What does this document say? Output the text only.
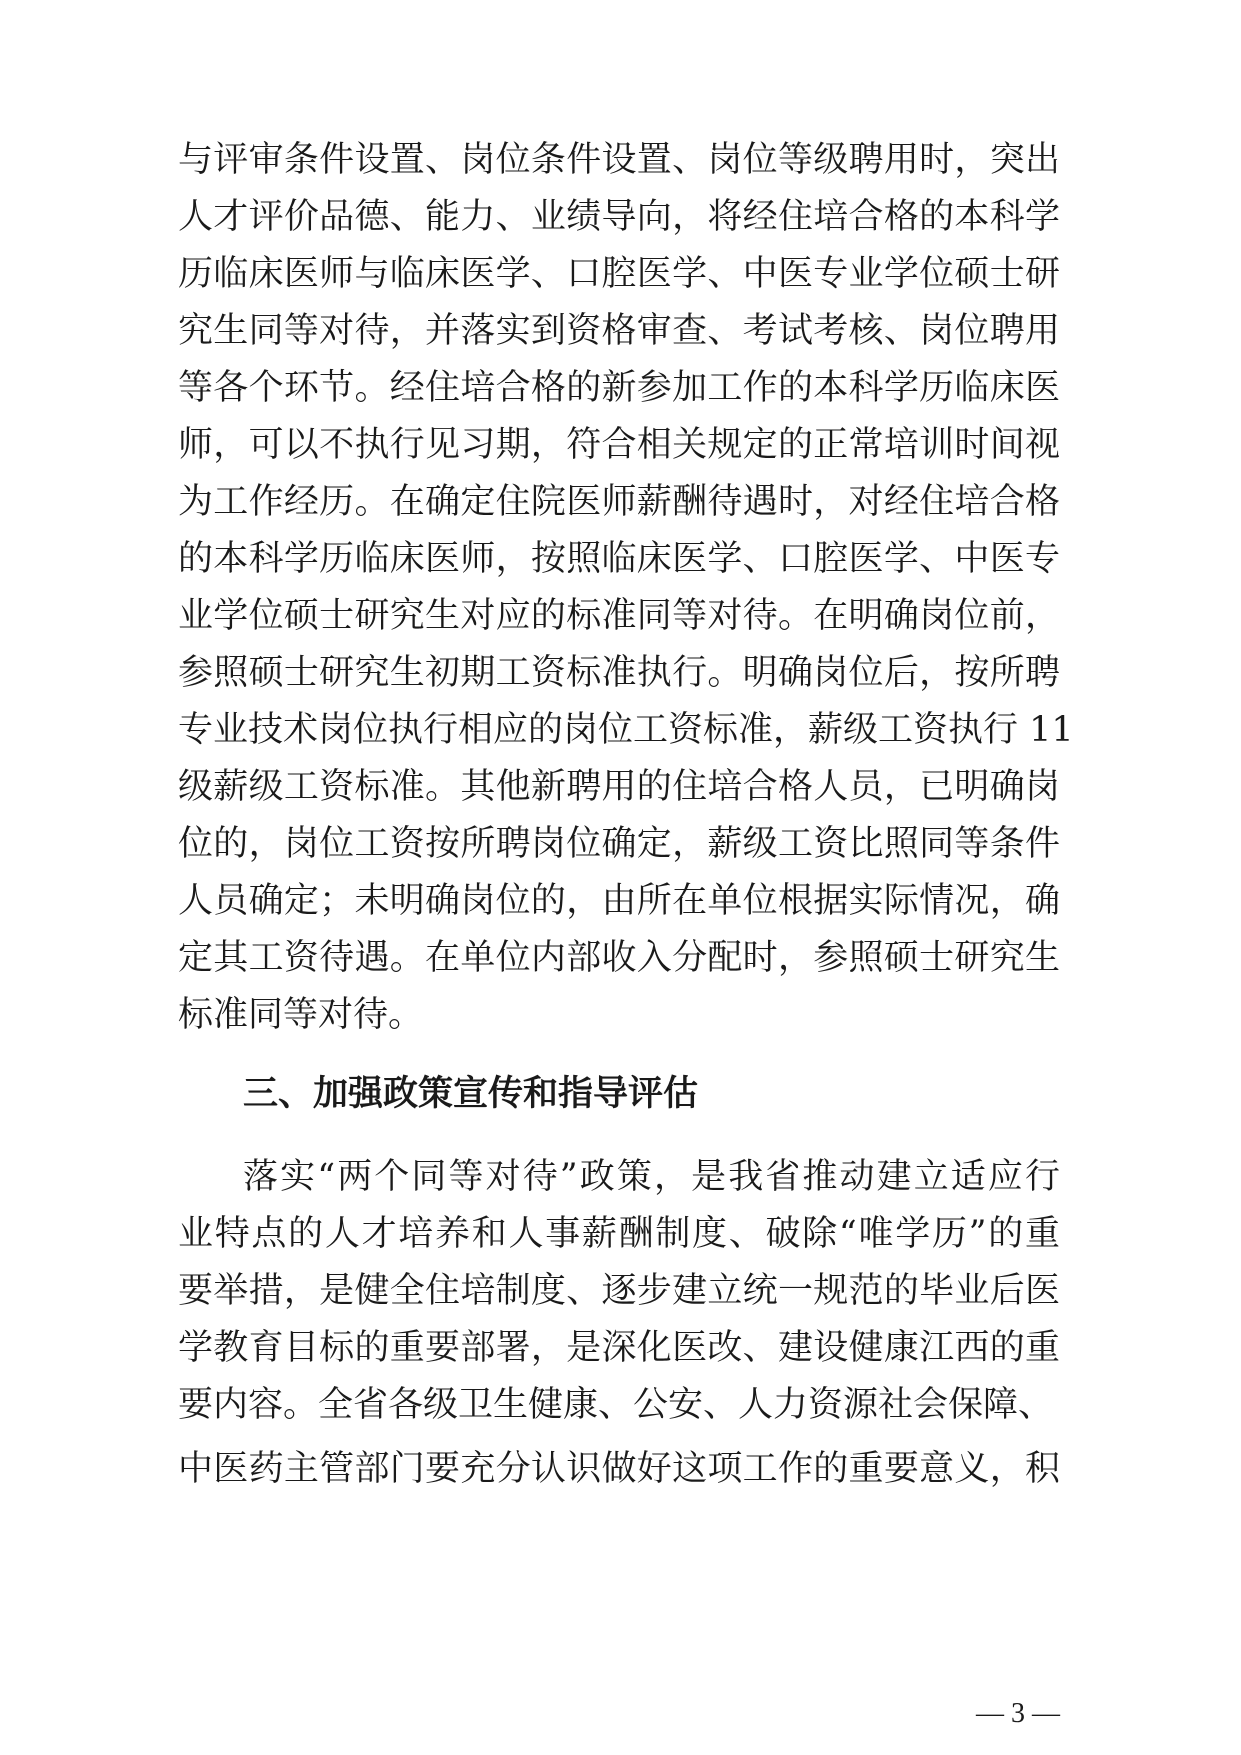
与评审条件设置、岗位条件设置、岗位等级聘用时，突出
人才评价品德、能力、业绩导向，将经住培合格的本科学
历临床医师与临床医学、口腔医学、中医专业学位硕士研
究生同等对待，并落实到资格审查、考试考核、岗位聘用
等各个环节。经住培合格的新参加工作的本科学历临床医
师，可以不执行见习期，符合相关规定的正常培训时间视
为工作经历。在确定住院医师薪酬待遇时，对经住培合格
的本科学历临床医师，按照临床医学、口腔医学、中医专
业学位硕士研究生对应的标准同等对待。在明确岗位前，
参照硕士研究生初期工资标准执行。明确岗位后，按所聘
专业技术岗位执行相应的岗位工资标准，薪级工资执行 11
级薪级工资标准。其他新聘用的住培合格人员，已明确岗
位的，岗位工资按所聘岗位确定，薪级工资比照同等条件
人员确定；未明确岗位的，由所在单位根据实际情况，确
定其工资待遇。在单位内部收入分配时，参照硕士研究生
标准同等对待。
三、加强政策宣传和指导评估
落实“两个同等对待”政策，是我省推动建立适应行
业特点的人才培养和人事薪酬制度、破除“唯学历”的重
要举措，是健全住培制度、逐步建立统一规范的毕业后医
学教育目标的重要部署，是深化医改、建设健康江西的重
要内容。全省各级卫生健康、公安、人力资源社会保障、
中医药主管部门要充分认识做好这项工作的重要意义，积
— 3 —
